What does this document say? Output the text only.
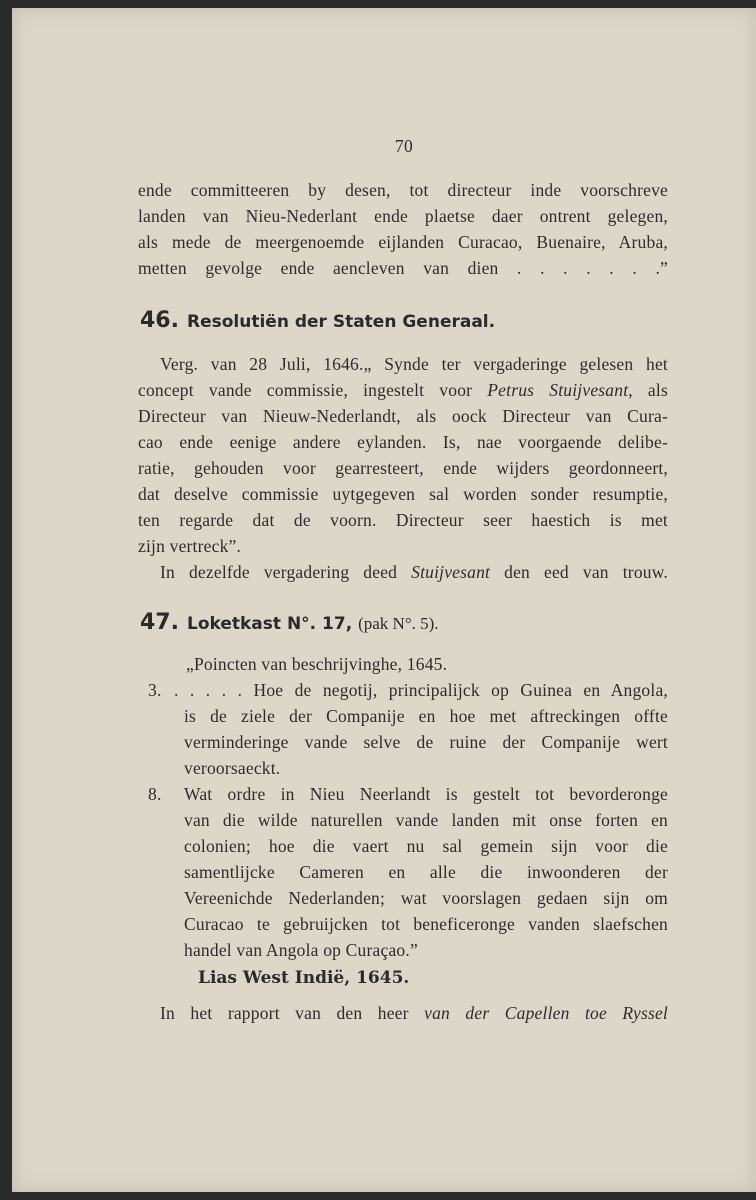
70
ende committeeren by desen, tot directeur inde voorschreve
landen van Nieu-Nederlant ende plaetse daer ontrent gelegen,
als mede de meergenoemde eijlanden Curacao, Buenaire, Aruba,
metten gevolge ende aencleven van dien . . . . . . .”
46. Resolutiën der Staten Generaal.
Verg. van 28 Juli, 1646.„ Synde ter vergaderinge gelesen het
concept vande commissie, ingestelt voor Petrus Stuijvesant, als
Directeur van Nieuw-Nederlandt, als oock Directeur van Cura-
cao ende eenige andere eylanden. Is, nae voorgaende delibe-
ratie, gehouden voor gearresteert, ende wijders geordonneert,
dat deselve commissie uytgegeven sal worden sonder resumptie,
ten regarde dat de voorn. Directeur seer haestich is met
zijn vertreck”.
In dezelfde vergadering deed Stuijvesant den eed van trouw.
47. Loketkast N°. 17, (pak N°. 5).
„Poincten van beschrijvinghe, 1645.
3. . . . . . Hoe de negotij, principalijck op Guinea en Angola,
is de ziele der Companije en hoe met aftreckingen offte
verminderinge vande selve de ruine der Companije wert
veroorsaeckt.
8. Wat ordre in Nieu Neerlandt is gestelt tot bevorderonge
van die wilde naturellen vande landen mit onse forten en
colonien; hoe die vaert nu sal gemein sijn voor die
samentlijcke Cameren en alle die inwoonderen der
Vereenichde Nederlanden; wat voorslagen gedaen sijn om
Curacao te gebruijcken tot beneficeronge vanden slaefschen
handel van Angola op Curaçao.”
Lias West Indië, 1645.
In het rapport van den heer van der Capellen toe Ryssel
